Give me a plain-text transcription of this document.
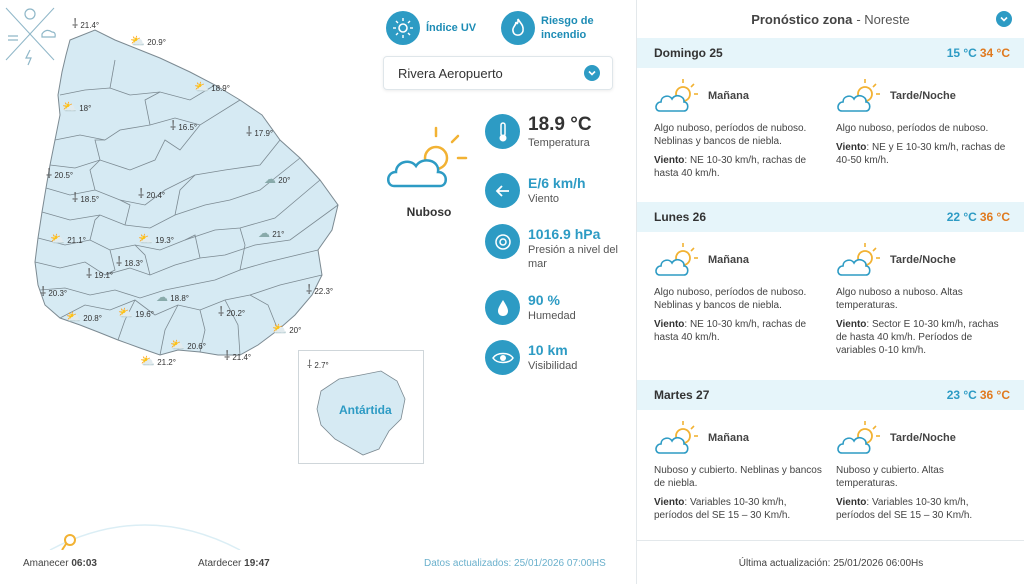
⸸ 21.4°
⛅ 20.9°
⛅ 18.9°
⛅ 18°
⸸ 16.5°	⸸ 17.9°
⸸ 20.5°	☁ 20°
⸸ 18.5°	⸸ 20.4°
⛅ 21.1°	⛅ 19.3°
☁ 21°
⸸ 18.3°
⸸ 19.1°
⸸ 20.3°	⸸ 22.3°
☁ 18.8°
⛅ 20.8° ⛅ 19.6°	⸸ 20.2°
⛅ 20°
⛅ 20.6°
⸸ 21.4°
⛅ 21.2°	⸸ 2.7°
Antártida
Índice UV
Riesgo de
incendio
Rivera Aeropuerto
Nuboso
18.9 °C
Temperatura
E/6 km/h
Viento
1016.9 hPa
Presión a nivel del
mar
90 %
Humedad
10 km
Visibilidad
Amanecer 06:03	Atardecer 19:47	Datos actualizados: 25/01/2026 07:00HS
Pronóstico zona - Noreste
Domingo 25	15 °C 34 °C
Mañana
Algo nuboso, períodos de nuboso. Neblinas y bancos de niebla.
Viento: NE 10-30 km/h, rachas de hasta 40 km/h.
Tarde/Noche
Algo nuboso, períodos de nuboso.
Viento: NE y E 10-30 km/h, rachas de 40-50 km/h.
Lunes 26	22 °C 36 °C
Mañana
Algo nuboso, períodos de nuboso. Neblinas y bancos de niebla.
Viento: NE 10-30 km/h, rachas de hasta 40 km/h.
Tarde/Noche
Algo nuboso a nuboso. Altas temperaturas.
Viento: Sector E 10-30 km/h, rachas de hasta 40 km/h. Períodos de variables 0-10 km/h.
Martes 27	23 °C 36 °C
Mañana
Nuboso y cubierto. Neblinas y bancos de niebla.
Viento: Variables 10-30 km/h, períodos del SE 15 – 30 Km/h.
Tarde/Noche
Nuboso y cubierto. Altas temperaturas.
Viento: Variables 10-30 km/h, períodos del SE 15 – 30 Km/h.
Última actualización: 25/01/2026 06:00Hs
